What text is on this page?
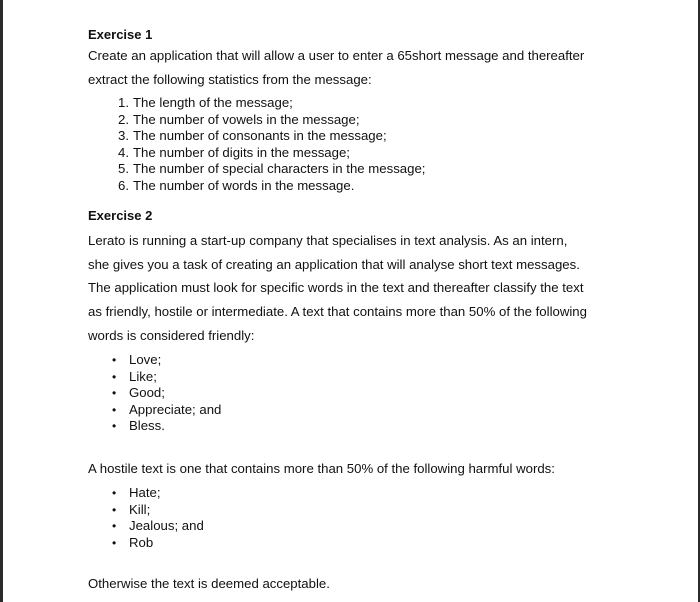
Exercise 1
Create an application that will allow a user to enter a 65short message and thereafter
extract the following statistics from the message:
1. The length of the message;
2. The number of vowels in the message;
3. The number of consonants in the message;
4. The number of digits in the message;
5. The number of special characters in the message;
6. The number of words in the message.
Exercise 2
Lerato is running a start-up company that specialises in text analysis. As an intern,
she gives you a task of creating an application that will analyse short text messages.
The application must look for specific words in the text and thereafter classify the text
as friendly, hostile or intermediate. A text that contains more than 50% of the following
words is considered friendly:
• Love;
• Like;
• Good;
• Appreciate; and
• Bless.
A hostile text is one that contains more than 50% of the following harmful words:
• Hate;
• Kill;
• Jealous; and
• Rob
Otherwise the text is deemed acceptable.
